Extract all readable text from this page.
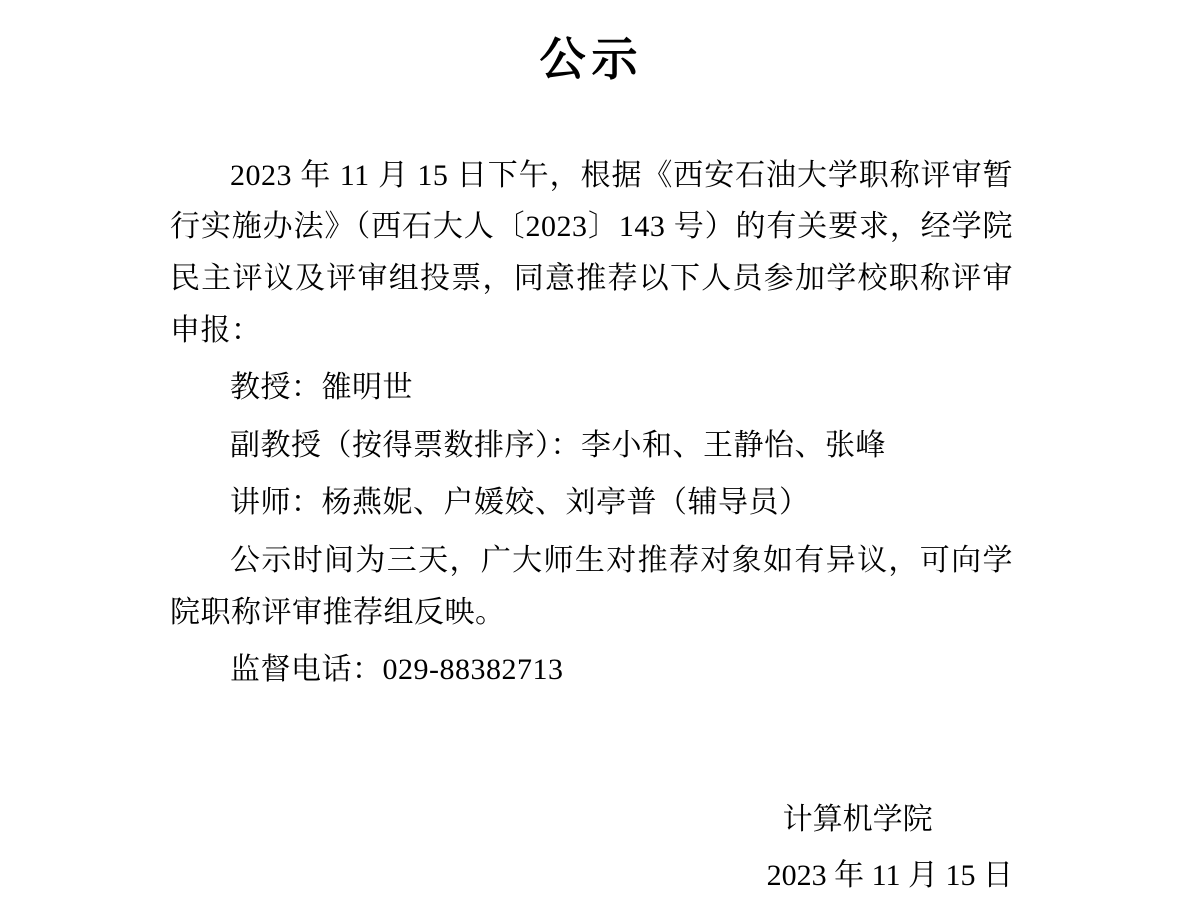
公示

2023 年 11 月 15 日下午，根据《西安石油大学职称评审暂行实施办法》（西石大人〔2023〕143 号）的有关要求，经学院民主评议及评审组投票，同意推荐以下人员参加学校职称评审申报：

教授：雒明世

副教授（按得票数排序）：李小和、王静怡、张峰

讲师：杨燕妮、户媛姣、刘亭普（辅导员）

公示时间为三天，广大师生对推荐对象如有异议，可向学院职称评审推荐组反映。

监督电话：029-88382713

计算机学院
2023 年 11 月 15 日
